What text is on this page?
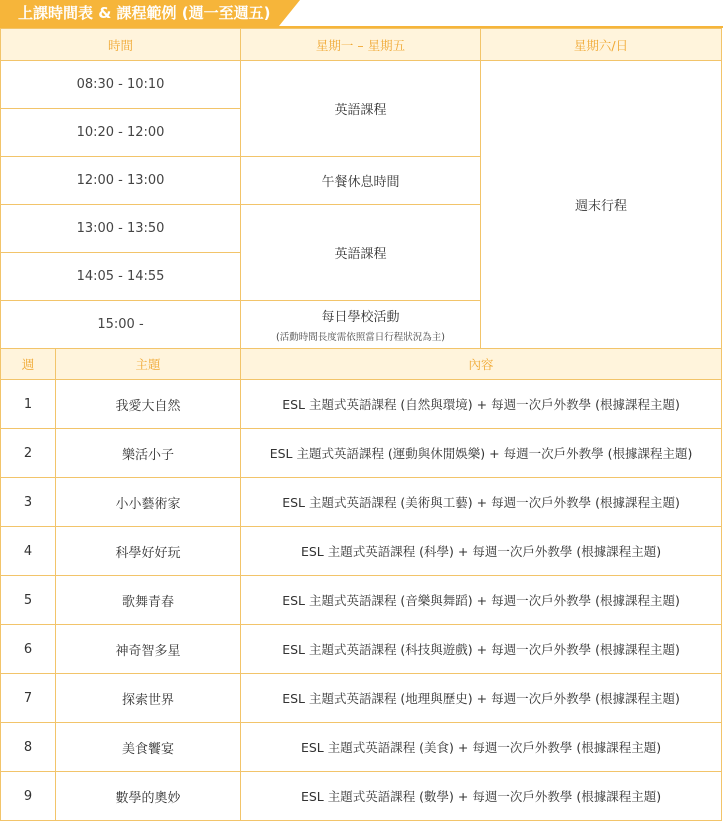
上課時間表 & 課程範例 (週一至週五)
時間		星期一 – 星期五	星期六/日
08:30 - 10:10		英語課程	週末行程
10:20 - 12:00			
12:00 - 13:00		午餐休息時間	
13:00 - 13:50		英語課程	
14:05 - 14:55			
15:00 -		每日學校活動
(活動時間長度需依照當日行程狀況為主)	

週	主題	內容	
1	我愛大自然	ESL 主題式英語課程 (自然與環境) + 每週一次戶外教學 (根據課程主題)	
2	樂活小子	ESL 主題式英語課程 (運動與休閒娛樂) + 每週一次戶外教學 (根據課程主題)	
3	小小藝術家	ESL 主題式英語課程 (美術與工藝) + 每週一次戶外教學 (根據課程主題)	
4	科學好好玩	ESL 主題式英語課程 (科學) + 每週一次戶外教學 (根據課程主題)	
5	歌舞青春	ESL 主題式英語課程 (音樂與舞蹈) + 每週一次戶外教學 (根據課程主題)	
6	神奇智多星	ESL 主題式英語課程 (科技與遊戲) + 每週一次戶外教學 (根據課程主題)	
7	探索世界	ESL 主題式英語課程 (地理與歷史) + 每週一次戶外教學 (根據課程主題)	
8	美食饗宴	ESL 主題式英語課程 (美食) + 每週一次戶外教學 (根據課程主題)	
9	數學的奧妙	ESL 主題式英語課程 (數學) + 每週一次戶外教學 (根據課程主題)	
